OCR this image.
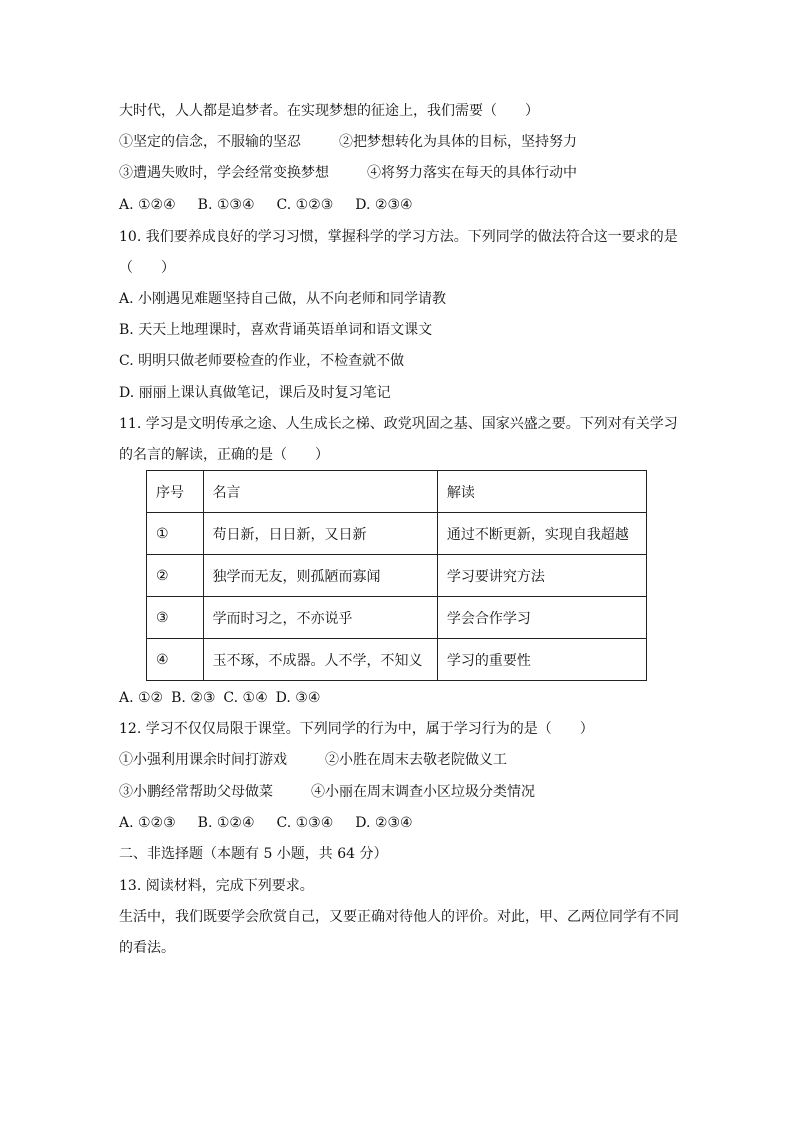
大时代，人人都是追梦者。在实现梦想的征途上，我们需要（　　）
①坚定的信念，不服输的坚忍	②把梦想转化为具体的目标，坚持努力
③遭遇失败时，学会经常变换梦想	④将努力落实在每天的具体行动中
A. ①②④ B. ①③④ C. ①②③ D. ②③④
10. 我们要养成良好的学习习惯，掌握科学的学习方法。下列同学的做法符合这一要求的是
（　　）
A. 小刚遇见难题坚持自己做，从不向老师和同学请教
B. 天天上地理课时，喜欢背诵英语单词和语文课文
C. 明明只做老师要检查的作业，不检查就不做
D. 丽丽上课认真做笔记，课后及时复习笔记
11. 学习是文明传承之途、人生成长之梯、政党巩固之基、国家兴盛之要。下列对有关学习
的名言的解读，正确的是（　　）
序号	名言	解读
①	苟日新，日日新，又日新	通过不断更新，实现自我超越
②	独学而无友，则孤陋而寡闻	学习要讲究方法
③	学而时习之，不亦说乎	学会合作学习
④	玉不琢，不成器。人不学，不知义	学习的重要性
A. ①② B. ②③ C. ①④ D. ③④
12. 学习不仅仅局限于课堂。下列同学的行为中，属于学习行为的是（　　）
①小强利用课余时间打游戏	②小胜在周末去敬老院做义工
③小鹏经常帮助父母做菜	④小丽在周末调查小区垃圾分类情况
A. ①②③ B. ①②④ C. ①③④ D. ②③④
二、非选择题（本题有 5 小题，共 64 分）
13. 阅读材料，完成下列要求。
生活中，我们既要学会欣赏自己，又要正确对待他人的评价。对此，甲、乙两位同学有不同
的看法。
